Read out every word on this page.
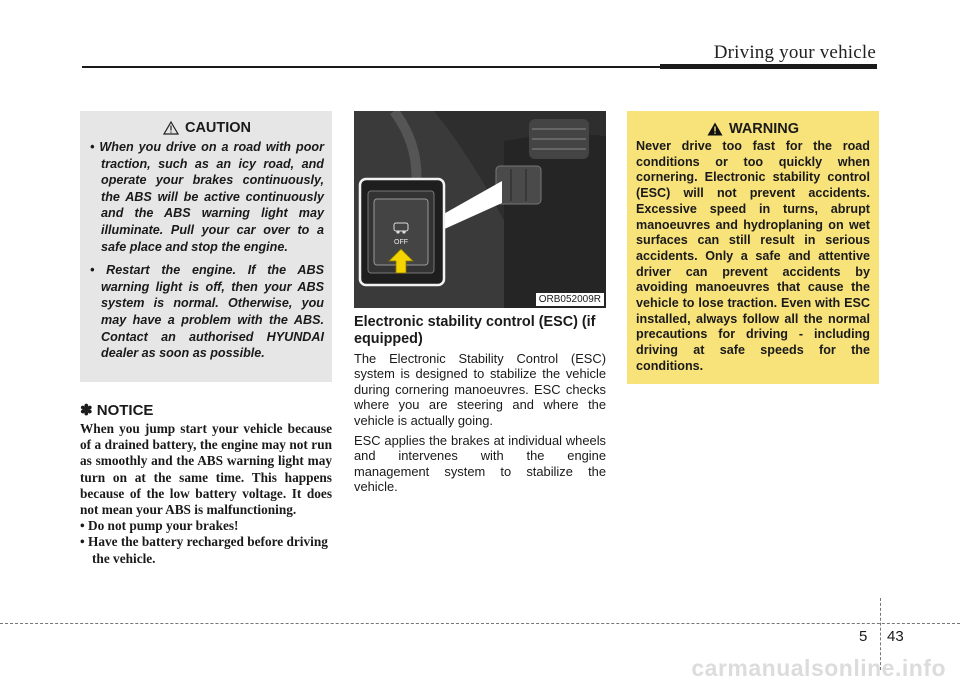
Driving your vehicle
CAUTION
• When you drive on a road with poor traction, such as an icy road, and operate your brakes continuously, the ABS will be active continuously and the ABS warning light may illuminate. Pull your car over to a safe place and stop the engine.
• Restart the engine. If the ABS warning light is off, then your ABS system is normal. Otherwise, you may have a problem with the ABS. Contact an authorised HYUNDAI dealer as soon as possible.
✽ NOTICE
When you jump start your vehicle because of a drained battery, the engine may not run as smoothly and the ABS warning light may turn on at the same time. This happens because of the low battery voltage. It does not mean your ABS is malfunctioning.
• Do not pump your brakes!
• Have the battery recharged before driving the vehicle.
OFF
ORB052009R
Electronic stability control (ESC) (if equipped)

The Electronic Stability Control (ESC) system is designed to stabilize the vehicle during cornering manoeuvres. ESC checks where you are steering and where the vehicle is actually going.

ESC applies the brakes at individual wheels and intervenes with the engine management system to stabilize the vehicle.

WARNING
Never drive too fast for the road conditions or too quickly when cornering. Electronic stability control (ESC) will not prevent accidents. Excessive speed in turns, abrupt manoeuvres and hydroplaning on wet surfaces can still result in serious accidents. Only a safe and attentive driver can prevent accidents by avoiding manoeuvres that cause the vehicle to lose traction. Even with ESC installed, always follow all the normal precautions for driving - including driving at safe speeds for the conditions.
5 43
carmanualsonline.info
